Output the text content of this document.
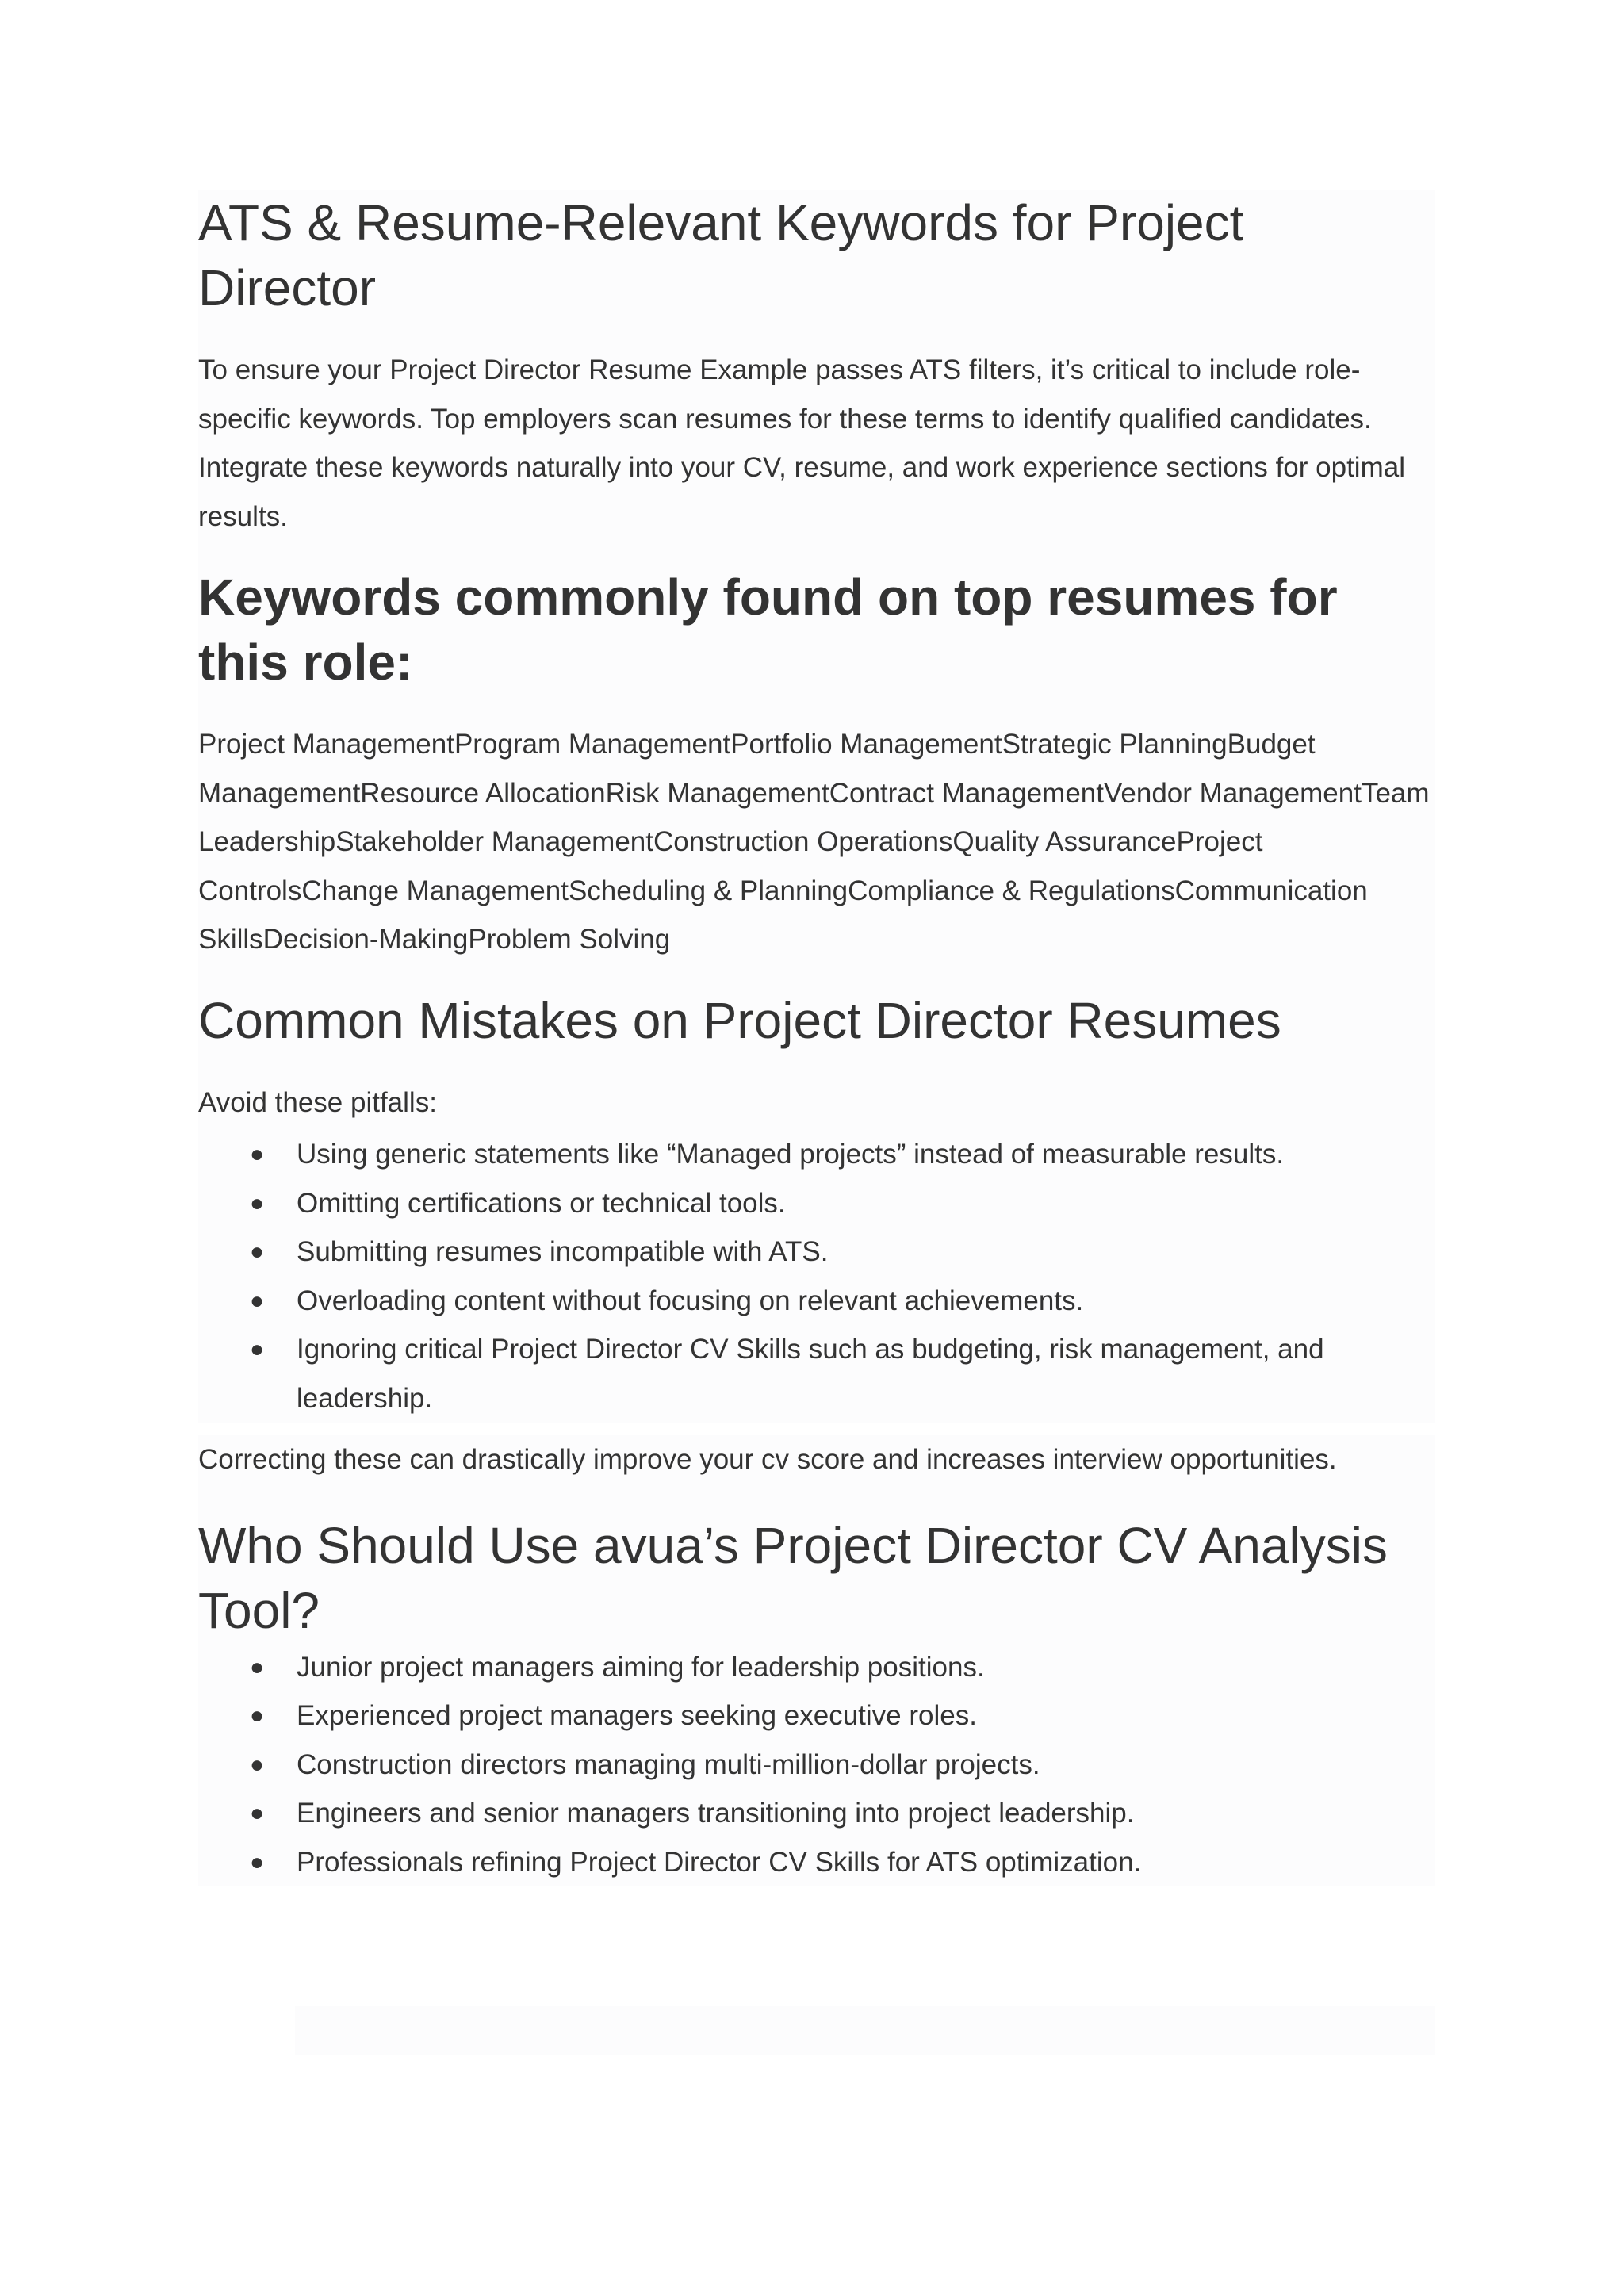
ATS & Resume-Relevant Keywords for Project Director

To ensure your Project Director Resume Example passes ATS filters, it’s critical to include role-specific keywords. Top employers scan resumes for these terms to identify qualified candidates. Integrate these keywords naturally into your CV, resume, and work experience sections for optimal results.

Keywords commonly found on top resumes for this role:

Project ManagementProgram ManagementPortfolio ManagementStrategic PlanningBudget ManagementResource AllocationRisk ManagementContract ManagementVendor ManagementTeam LeadershipStakeholder ManagementConstruction OperationsQuality AssuranceProject ControlsChange ManagementScheduling & PlanningCompliance & RegulationsCommunication SkillsDecision-MakingProblem Solving

Common Mistakes on Project Director Resumes

Avoid these pitfalls:

● Using generic statements like “Managed projects” instead of measurable results.
● Omitting certifications or technical tools.
● Submitting resumes incompatible with ATS.
● Overloading content without focusing on relevant achievements.
● Ignoring critical Project Director CV Skills such as budgeting, risk management, and leadership.

Correcting these can drastically improve your cv score and increases interview opportunities.

Who Should Use avua’s Project Director CV Analysis Tool?
● Junior project managers aiming for leadership positions.
● Experienced project managers seeking executive roles.
● Construction directors managing multi-million-dollar projects.
● Engineers and senior managers transitioning into project leadership.
● Professionals refining Project Director CV Skills for ATS optimization.
